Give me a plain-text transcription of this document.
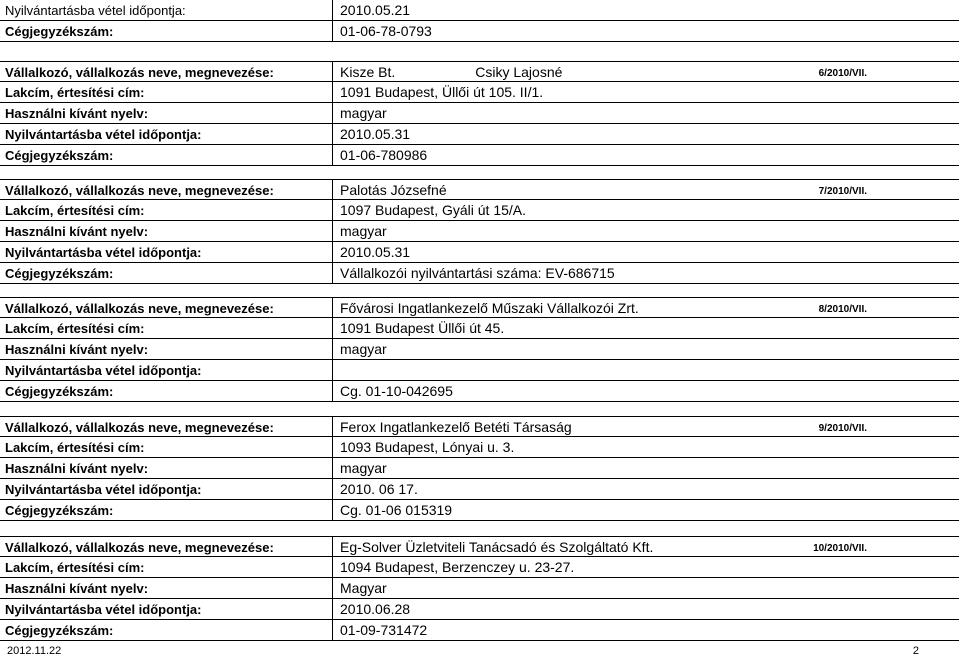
Nyilvántartásba vétel időpontja:	2010.05.21
Cégjegyzékszám:	01-06-78-0793
Vállalkozó, vállalkozás neve, megnevezése:	Kisze Bt.	Csiky Lajosné	6/2010/VII.
Lakcím, értesítési cím:	1091 Budapest, Üllői út 105. II/1.
Használni kívánt nyelv:	magyar
Nyilvántartásba vétel időpontja:	2010.05.31
Cégjegyzékszám:	01-06-780986
Vállalkozó, vállalkozás neve, megnevezése:	Palotás Józsefné	7/2010/VII.
Lakcím, értesítési cím:	1097 Budapest, Gyáli út 15/A.
Használni kívánt nyelv:	magyar
Nyilvántartásba vétel időpontja:	2010.05.31
Cégjegyzékszám:	Vállalkozói nyilvántartási száma: EV-686715
Vállalkozó, vállalkozás neve, megnevezése:	Fővárosi Ingatlankezelő Műszaki Vállalkozói Zrt.	8/2010/VII.
Lakcím, értesítési cím:	1091 Budapest Üllői út 45.
Használni kívánt nyelv:	magyar
Nyilvántartásba vétel időpontja:
Cégjegyzékszám:	Cg. 01-10-042695
Vállalkozó, vállalkozás neve, megnevezése:	Ferox Ingatlankezelő Betéti Társaság	9/2010/VII.
Lakcím, értesítési cím:	1093 Budapest, Lónyai u. 3.
Használni kívánt nyelv:	magyar
Nyilvántartásba vétel időpontja:	2010. 06 17.
Cégjegyzékszám:	Cg. 01-06 015319
Vállalkozó, vállalkozás neve, megnevezése:	Eg-Solver Üzletviteli Tanácsadó és Szolgáltató Kft.	10/2010/VII.
Lakcím, értesítési cím:	1094 Budapest, Berzenczey u. 23-27.
Használni kívánt nyelv:	Magyar
Nyilvántartásba vétel időpontja:	2010.06.28
Cégjegyzékszám:	01-09-731472
2012.11.22	2
